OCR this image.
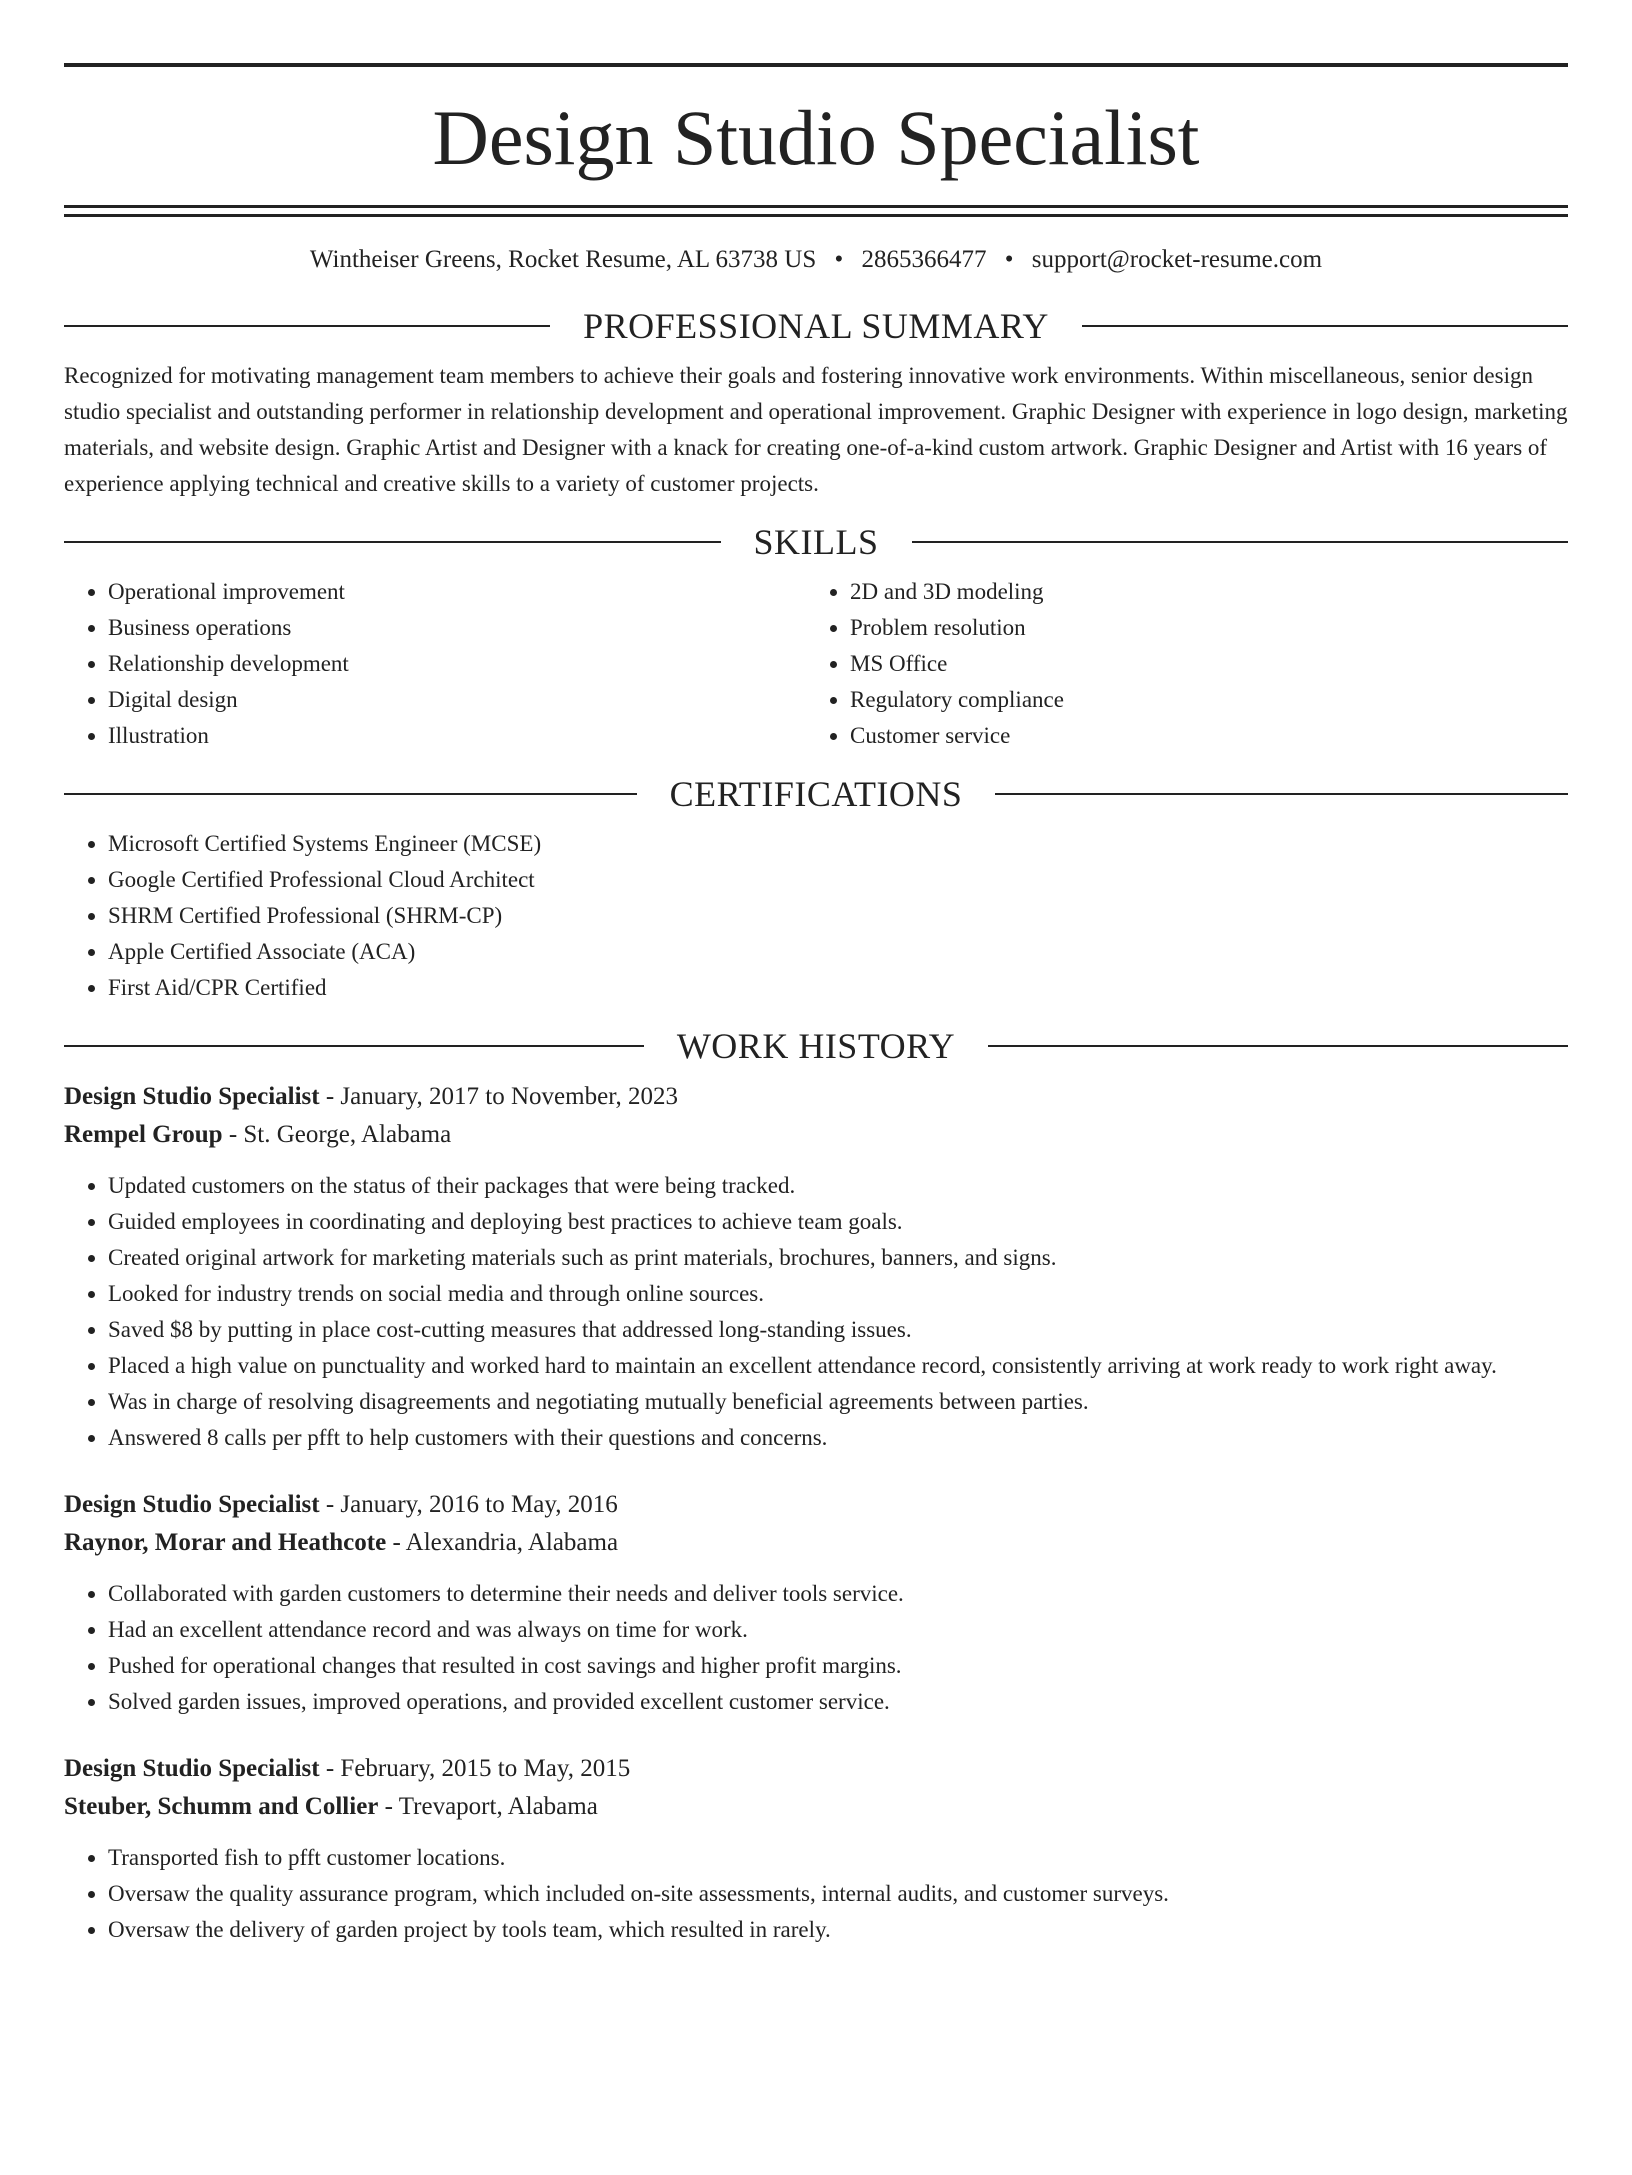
Design Studio Specialist
Wintheiser Greens, Rocket Resume, AL 63738 US • 2865366477 • support@rocket-resume.com
PROFESSIONAL SUMMARY
Recognized for motivating management team members to achieve their goals and fostering innovative work environments. Within miscellaneous, senior design studio specialist and outstanding performer in relationship development and operational improvement. Graphic Designer with experience in logo design, marketing materials, and website design. Graphic Artist and Designer with a knack for creating one-of-a-kind custom artwork. Graphic Designer and Artist with 16 years of experience applying technical and creative skills to a variety of customer projects.
SKILLS
• Operational improvement
• Business operations
• Relationship development
• Digital design
• Illustration
• 2D and 3D modeling
• Problem resolution
• MS Office
• Regulatory compliance
• Customer service
CERTIFICATIONS
• Microsoft Certified Systems Engineer (MCSE)
• Google Certified Professional Cloud Architect
• SHRM Certified Professional (SHRM-CP)
• Apple Certified Associate (ACA)
• First Aid/CPR Certified
WORK HISTORY
Design Studio Specialist - January, 2017 to November, 2023
Rempel Group - St. George, Alabama
• Updated customers on the status of their packages that were being tracked.
• Guided employees in coordinating and deploying best practices to achieve team goals.
• Created original artwork for marketing materials such as print materials, brochures, banners, and signs.
• Looked for industry trends on social media and through online sources.
• Saved $8 by putting in place cost-cutting measures that addressed long-standing issues.
• Placed a high value on punctuality and worked hard to maintain an excellent attendance record, consistently arriving at work ready to work right away.
• Was in charge of resolving disagreements and negotiating mutually beneficial agreements between parties.
• Answered 8 calls per pfft to help customers with their questions and concerns.
Design Studio Specialist - January, 2016 to May, 2016
Raynor, Morar and Heathcote - Alexandria, Alabama
• Collaborated with garden customers to determine their needs and deliver tools service.
• Had an excellent attendance record and was always on time for work.
• Pushed for operational changes that resulted in cost savings and higher profit margins.
• Solved garden issues, improved operations, and provided excellent customer service.
Design Studio Specialist - February, 2015 to May, 2015
Steuber, Schumm and Collier - Trevaport, Alabama
• Transported fish to pfft customer locations.
• Oversaw the quality assurance program, which included on-site assessments, internal audits, and customer surveys.
• Oversaw the delivery of garden project by tools team, which resulted in rarely.
